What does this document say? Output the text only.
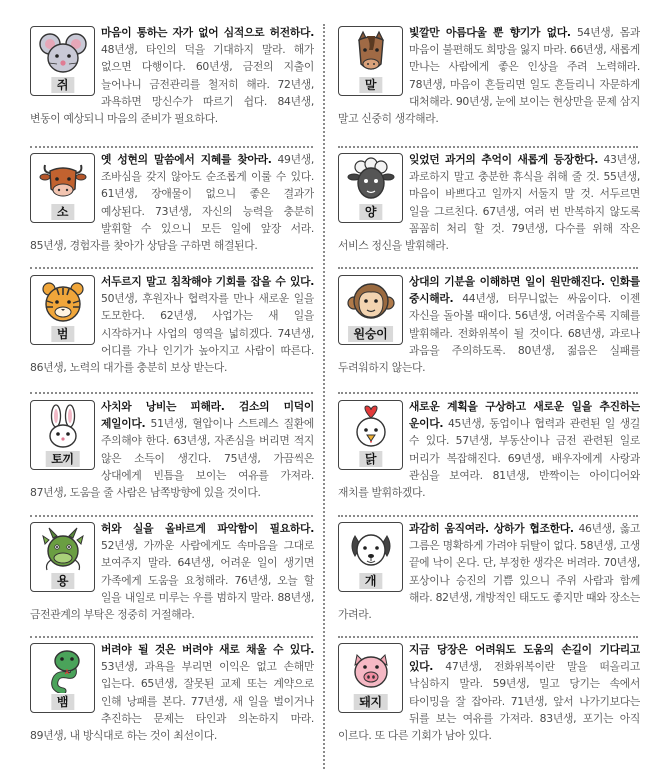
쥐
마음이 통하는 자가 없어 심적으로 허전하다. 48년생, 타인의 덕을 기대하지 말라. 해가 없으면 다행이다. 60년생, 금전의 지출이 늘어나니 금전관리를 철저히 해라. 72년생, 과욕하면 망신수가 따르기 쉽다. 84년생, 변동이 예상되니 마음의 준비가 필요하다.
말
빛깔만 아름다울 뿐 향기가 없다. 54년생, 몸과 마음이 불편해도 희망을 잃지 마라. 66년생, 새롭게 만나는 사람에게 좋은 인상을 주려 노력해라. 78년생, 마음이 흔들리면 일도 흔들리니 자문하게 대처해라. 90년생, 눈에 보이는 현상만을 문제 삼지 말고 신중히 생각해라.
소
옛 성현의 말씀에서 지혜를 찾아라. 49년생, 조바심을 갖지 않아도 순조롭게 이룰 수 있다. 61년생, 장애물이 없으니 좋은 결과가 예상된다. 73년생, 자신의 능력을 충분히 발휘할 수 있으니 모든 일에 앞장 서라. 85년생, 경험자를 찾아가 상담을 구하면 해결된다.
양
잊었던 과거의 추억이 새롭게 등장한다. 43년생, 과로하지 말고 충분한 휴식을 취해 줄 것. 55년생, 마음이 바쁘다고 일까지 서둘지 말 것. 서두르면 일을 그르친다. 67년생, 여러 번 반복하지 않도록 꼼꼼히 처리 할 것. 79년생, 다수를 위해 작은 서비스 정신을 발휘해라.
범
서두르지 말고 침착해야 기회를 잡을 수 있다. 50년생, 후원자나 협력자를 만나 새로운 일을 도모한다. 62년생, 사업가는 새 일을 시작하거나 사업의 영역을 넓히겠다. 74년생, 어디를 가나 인기가 높아지고 사람이 따른다. 86년생, 노력의 대가를 충분히 보상 받는다.
원숭이
상대의 기분을 이해하면 일이 원만해진다. 인화를 중시해라. 44년생, 터무니없는 싸움이다. 이젠 자신을 돌아볼 때이다. 56년생, 어려울수록 지혜를 발휘해라. 전화위복이 될 것이다. 68년생, 과로나 과음을 주의하도록. 80년생, 젊음은 실패를 두려워하지 않는다.
토끼
사치와 낭비는 피해라. 검소의 미덕이 제일이다. 51년생, 혈압이나 스트레스 질환에 주의해야 한다. 63년생, 자존심을 버리면 적지 않은 소득이 생긴다. 75년생, 가끔씩은 상대에게 빈틈을 보이는 여유를 가져라. 87년생, 도움을 줄 사람은 남쪽방향에 있을 것이다.
닭
새로운 계획을 구상하고 새로운 일을 추진하는 운이다. 45년생, 동업이나 협력과 관련된 일 생길 수 있다. 57년생, 부동산이나 금전 관련된 일로 머리가 복잡해진다. 69년생, 배우자에게 사랑과 관심을 보여라. 81년생, 반짝이는 아이디어와 재치를 발휘하겠다.
용
허와 실을 올바르게 파악함이 필요하다. 52년생, 가까운 사람에게도 속마음을 그대로 보여주지 말라. 64년생, 어려운 일이 생기면 가족에게 도움을 요청해라. 76년생, 오늘 할 일을 내일로 미루는 우를 범하지 말라. 88년생, 금전관계의 부탁은 정중히 거절해라.
개
과감히 움직여라. 상하가 협조한다. 46년생, 옳고 그름은 명확하게 가려야 뒤탈이 없다. 58년생, 고생 끝에 낙이 온다. 단, 부정한 생각은 버려라. 70년생, 포상이나 승진의 기쁨 있으니 주위 사람과 함께 해라. 82년생, 개방적인 태도도 좋지만 때와 장소는 가려라.
뱀
버려야 될 것은 버려야 새로 채울 수 있다. 53년생, 과욕을 부리면 이익은 없고 손해만 입는다. 65년생, 잘못된 교제 또는 계약으로 인해 낭패를 본다. 77년생, 새 일을 벌이거나 추진하는 문제는 타인과 의논하지 마라. 89년생, 내 방식대로 하는 것이 최선이다.
돼지
지금 당장은 어려워도 도움의 손길이 기다리고 있다. 47년생, 전화위복이란 말을 떠올리고 낙심하지 말라. 59년생, 밀고 당기는 속에서 타이밍을 잘 잡아라. 71년생, 앞서 나가기보다는 뒤를 보는 여유를 가져라. 83년생, 포기는 아직 이르다. 또 다른 기회가 남아 있다.
